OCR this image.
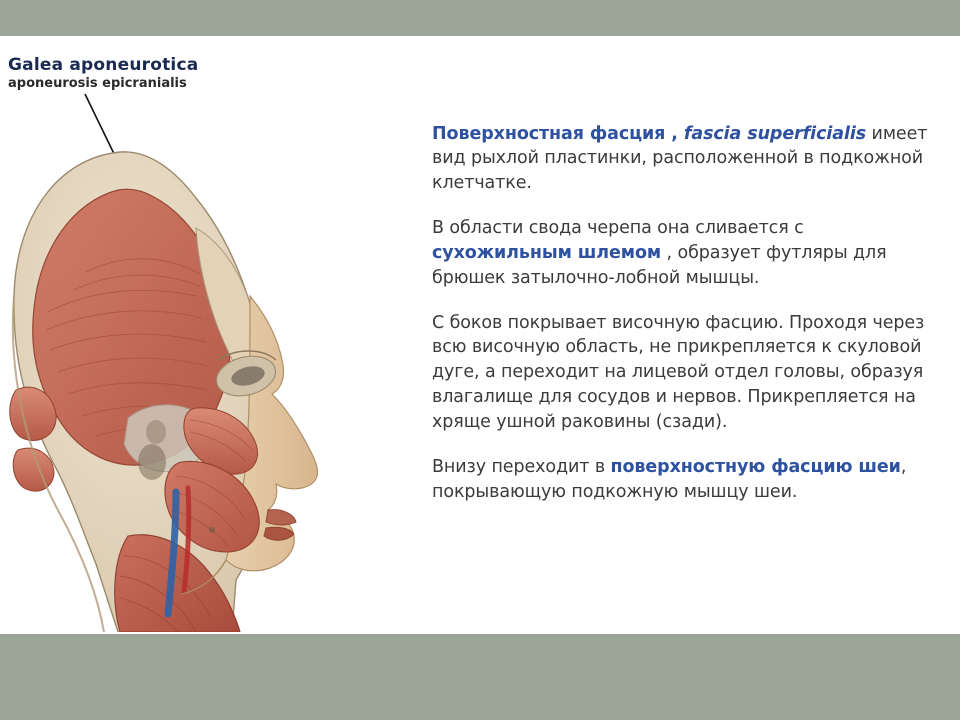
Galea aponeurotica
aponeurosis epicranialis

Поверхностная фасция , fascia superficialis имеет вид рыхлой пластинки, расположенной в подкожной клетчатке.

В области свода черепа она сливается с сухожильным шлемом , образует футляры для брюшек затылочно-лобной мышцы.

С боков покрывает височную фасцию. Проходя через всю височную область, не прикрепляется к скуловой дуге, а переходит на лицевой отдел головы, образуя влагалище для сосудов и нервов. Прикрепляется на хряще ушной раковины (сзади).

Внизу переходит в поверхностную фасцию шеи, покрывающую подкожную мышцу шеи.
